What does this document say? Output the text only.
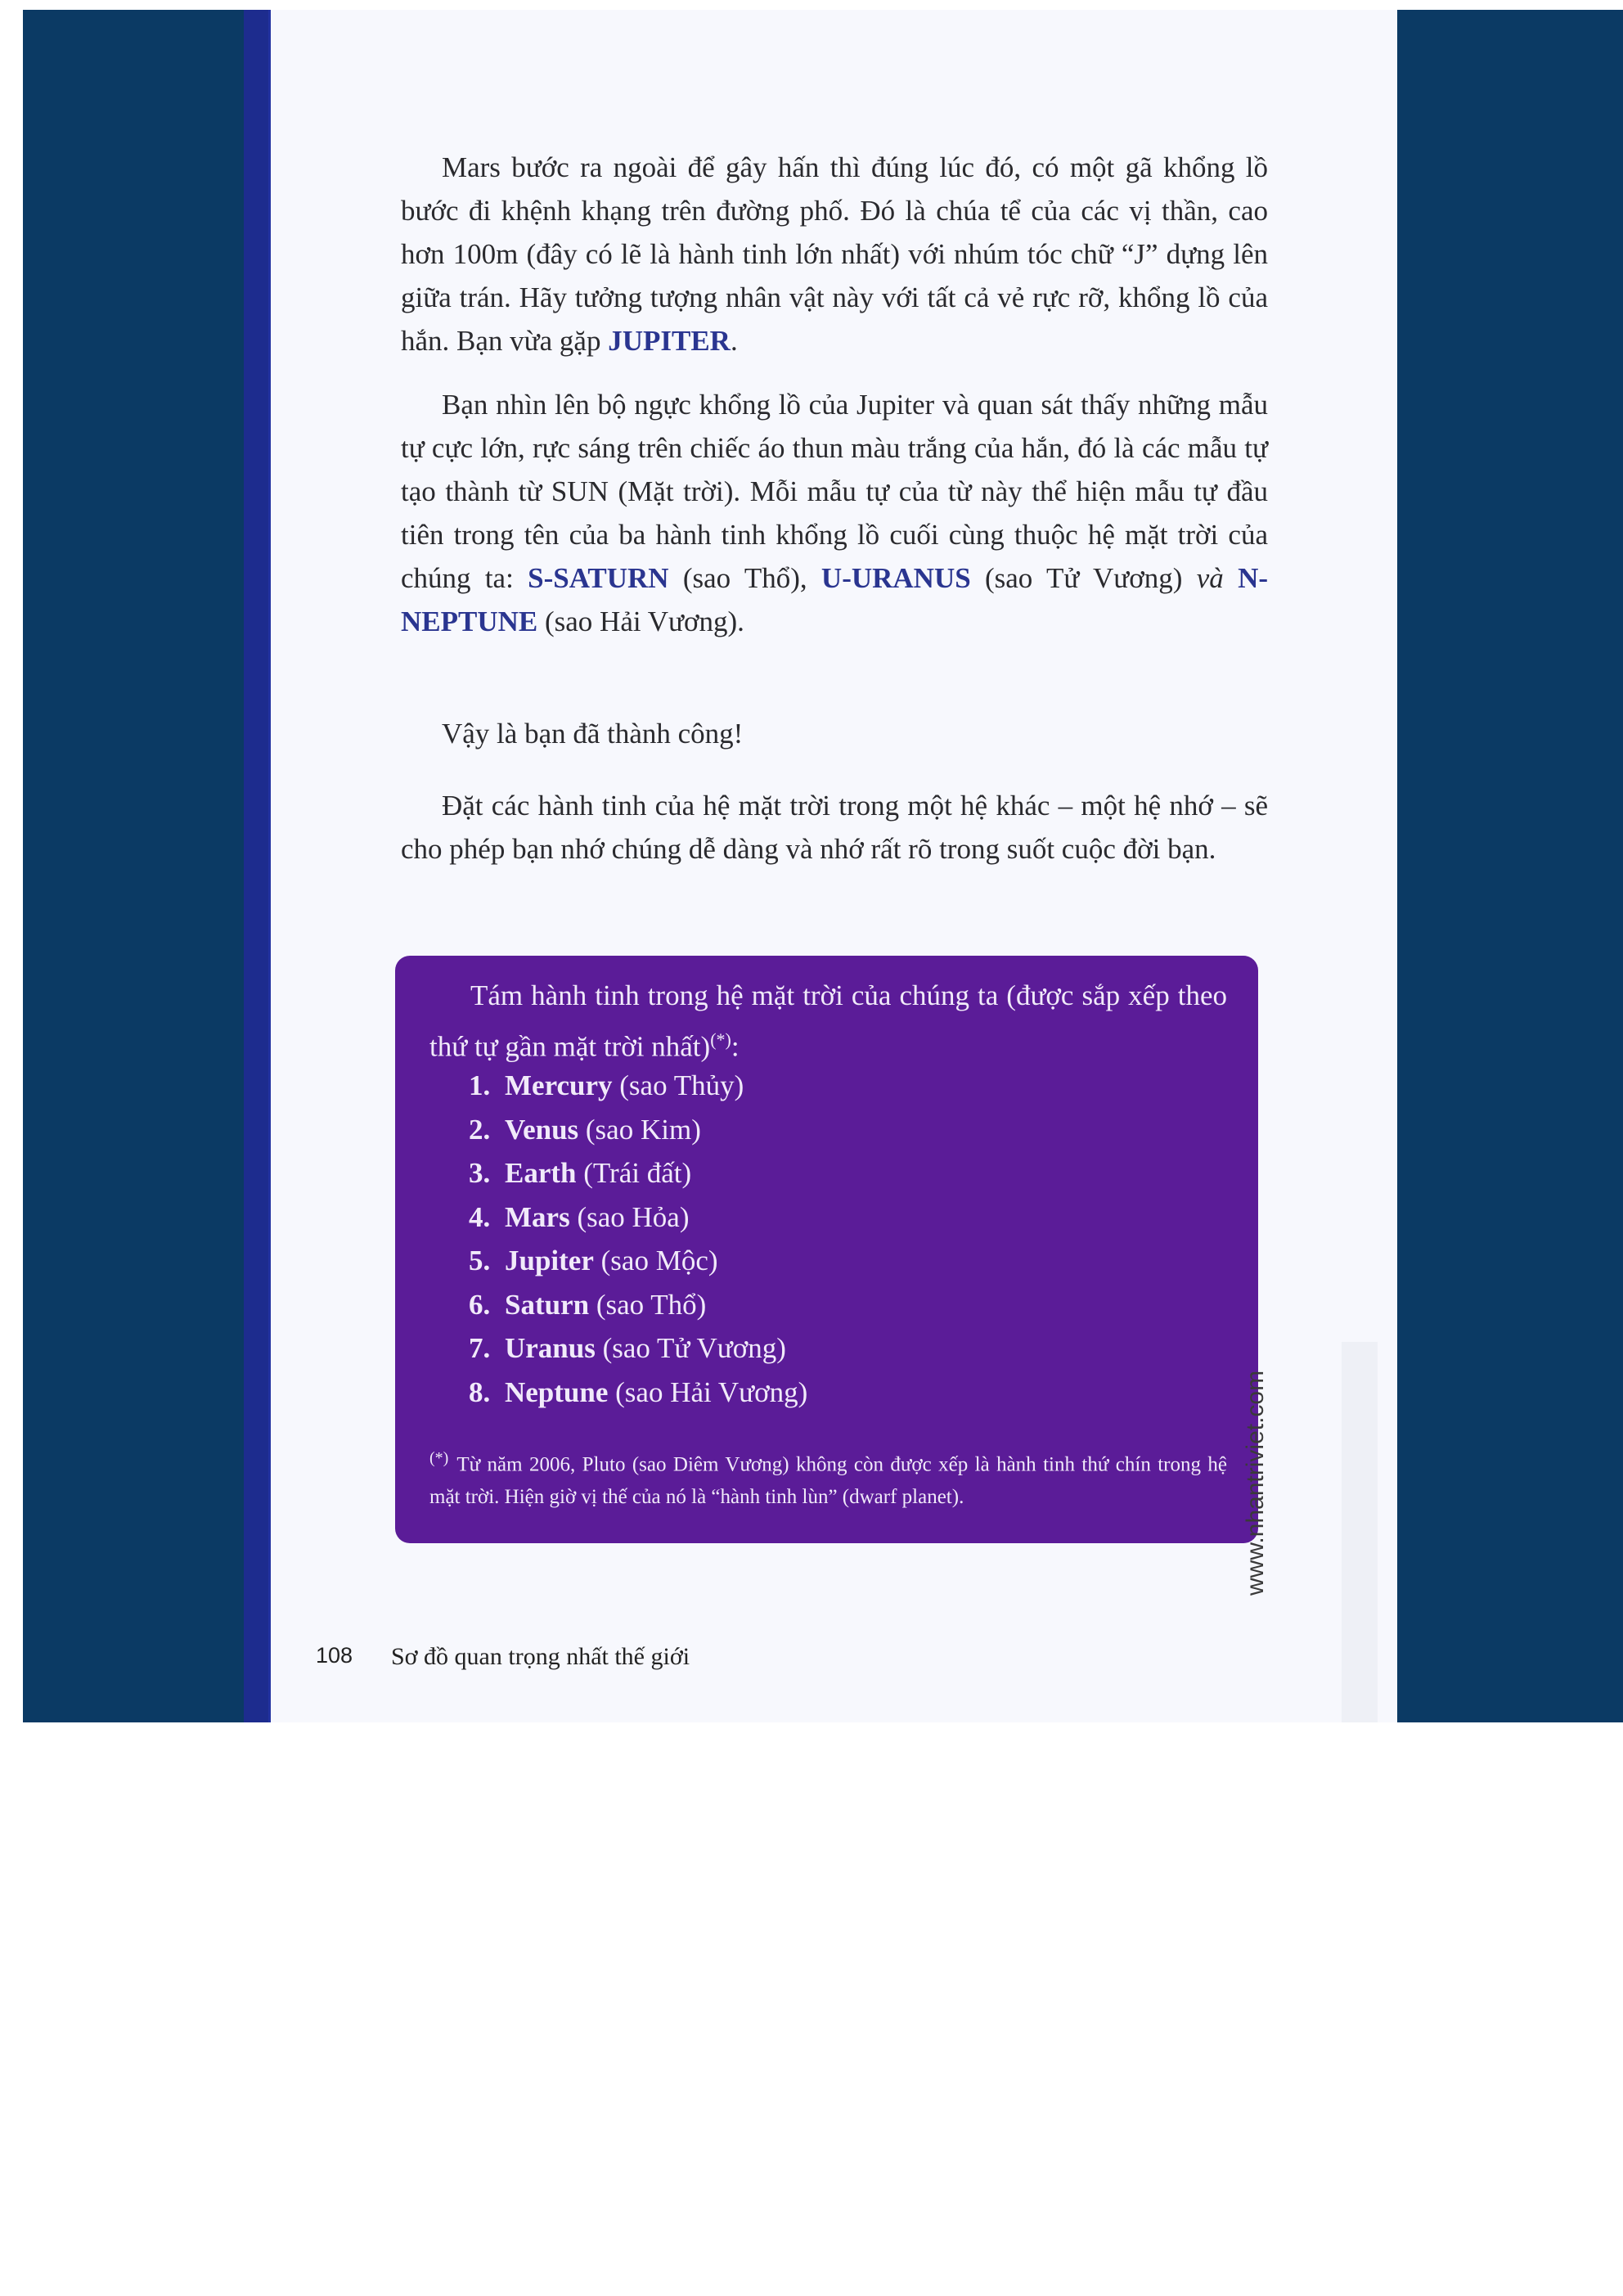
Mars bước ra ngoài để gây hấn thì đúng lúc đó, có một gã khổng lồ bước đi khệnh khạng trên đường phố. Đó là chúa tể của các vị thần, cao hơn 100m (đây có lẽ là hành tinh lớn nhất) với nhúm tóc chữ “J” dựng lên giữa trán. Hãy tưởng tượng nhân vật này với tất cả vẻ rực rỡ, khổng lồ của hắn. Bạn vừa gặp JUPITER.

Bạn nhìn lên bộ ngực khổng lồ của Jupiter và quan sát thấy những mẫu tự cực lớn, rực sáng trên chiếc áo thun màu trắng của hắn, đó là các mẫu tự tạo thành từ SUN (Mặt trời). Mỗi mẫu tự của từ này thể hiện mẫu tự đầu tiên trong tên của ba hành tinh khổng lồ cuối cùng thuộc hệ mặt trời của chúng ta: S-SATURN (sao Thổ), U-URANUS (sao Tử Vương) và N-NEPTUNE (sao Hải Vương).

Vậy là bạn đã thành công!

Đặt các hành tinh của hệ mặt trời trong một hệ khác – một hệ nhớ – sẽ cho phép bạn nhớ chúng dễ dàng và nhớ rất rõ trong suốt cuộc đời bạn.

Tám hành tinh trong hệ mặt trời của chúng ta (được sắp xếp theo thứ tự gần mặt trời nhất)(*):

1. Mercury (sao Thủy)
2. Venus (sao Kim)
3. Earth (Trái đất)
4. Mars (sao Hỏa)
5. Jupiter (sao Mộc)
6. Saturn (sao Thổ)
7. Uranus (sao Tử Vương)
8. Neptune (sao Hải Vương)

(*) Từ năm 2006, Pluto (sao Diêm Vương) không còn được xếp là hành tinh thứ chín trong hệ mặt trời. Hiện giờ vị thế của nó là “hành tinh lùn” (dwarf planet).

108 Sơ đồ quan trọng nhất thế giới
www.nhantriviet.com
